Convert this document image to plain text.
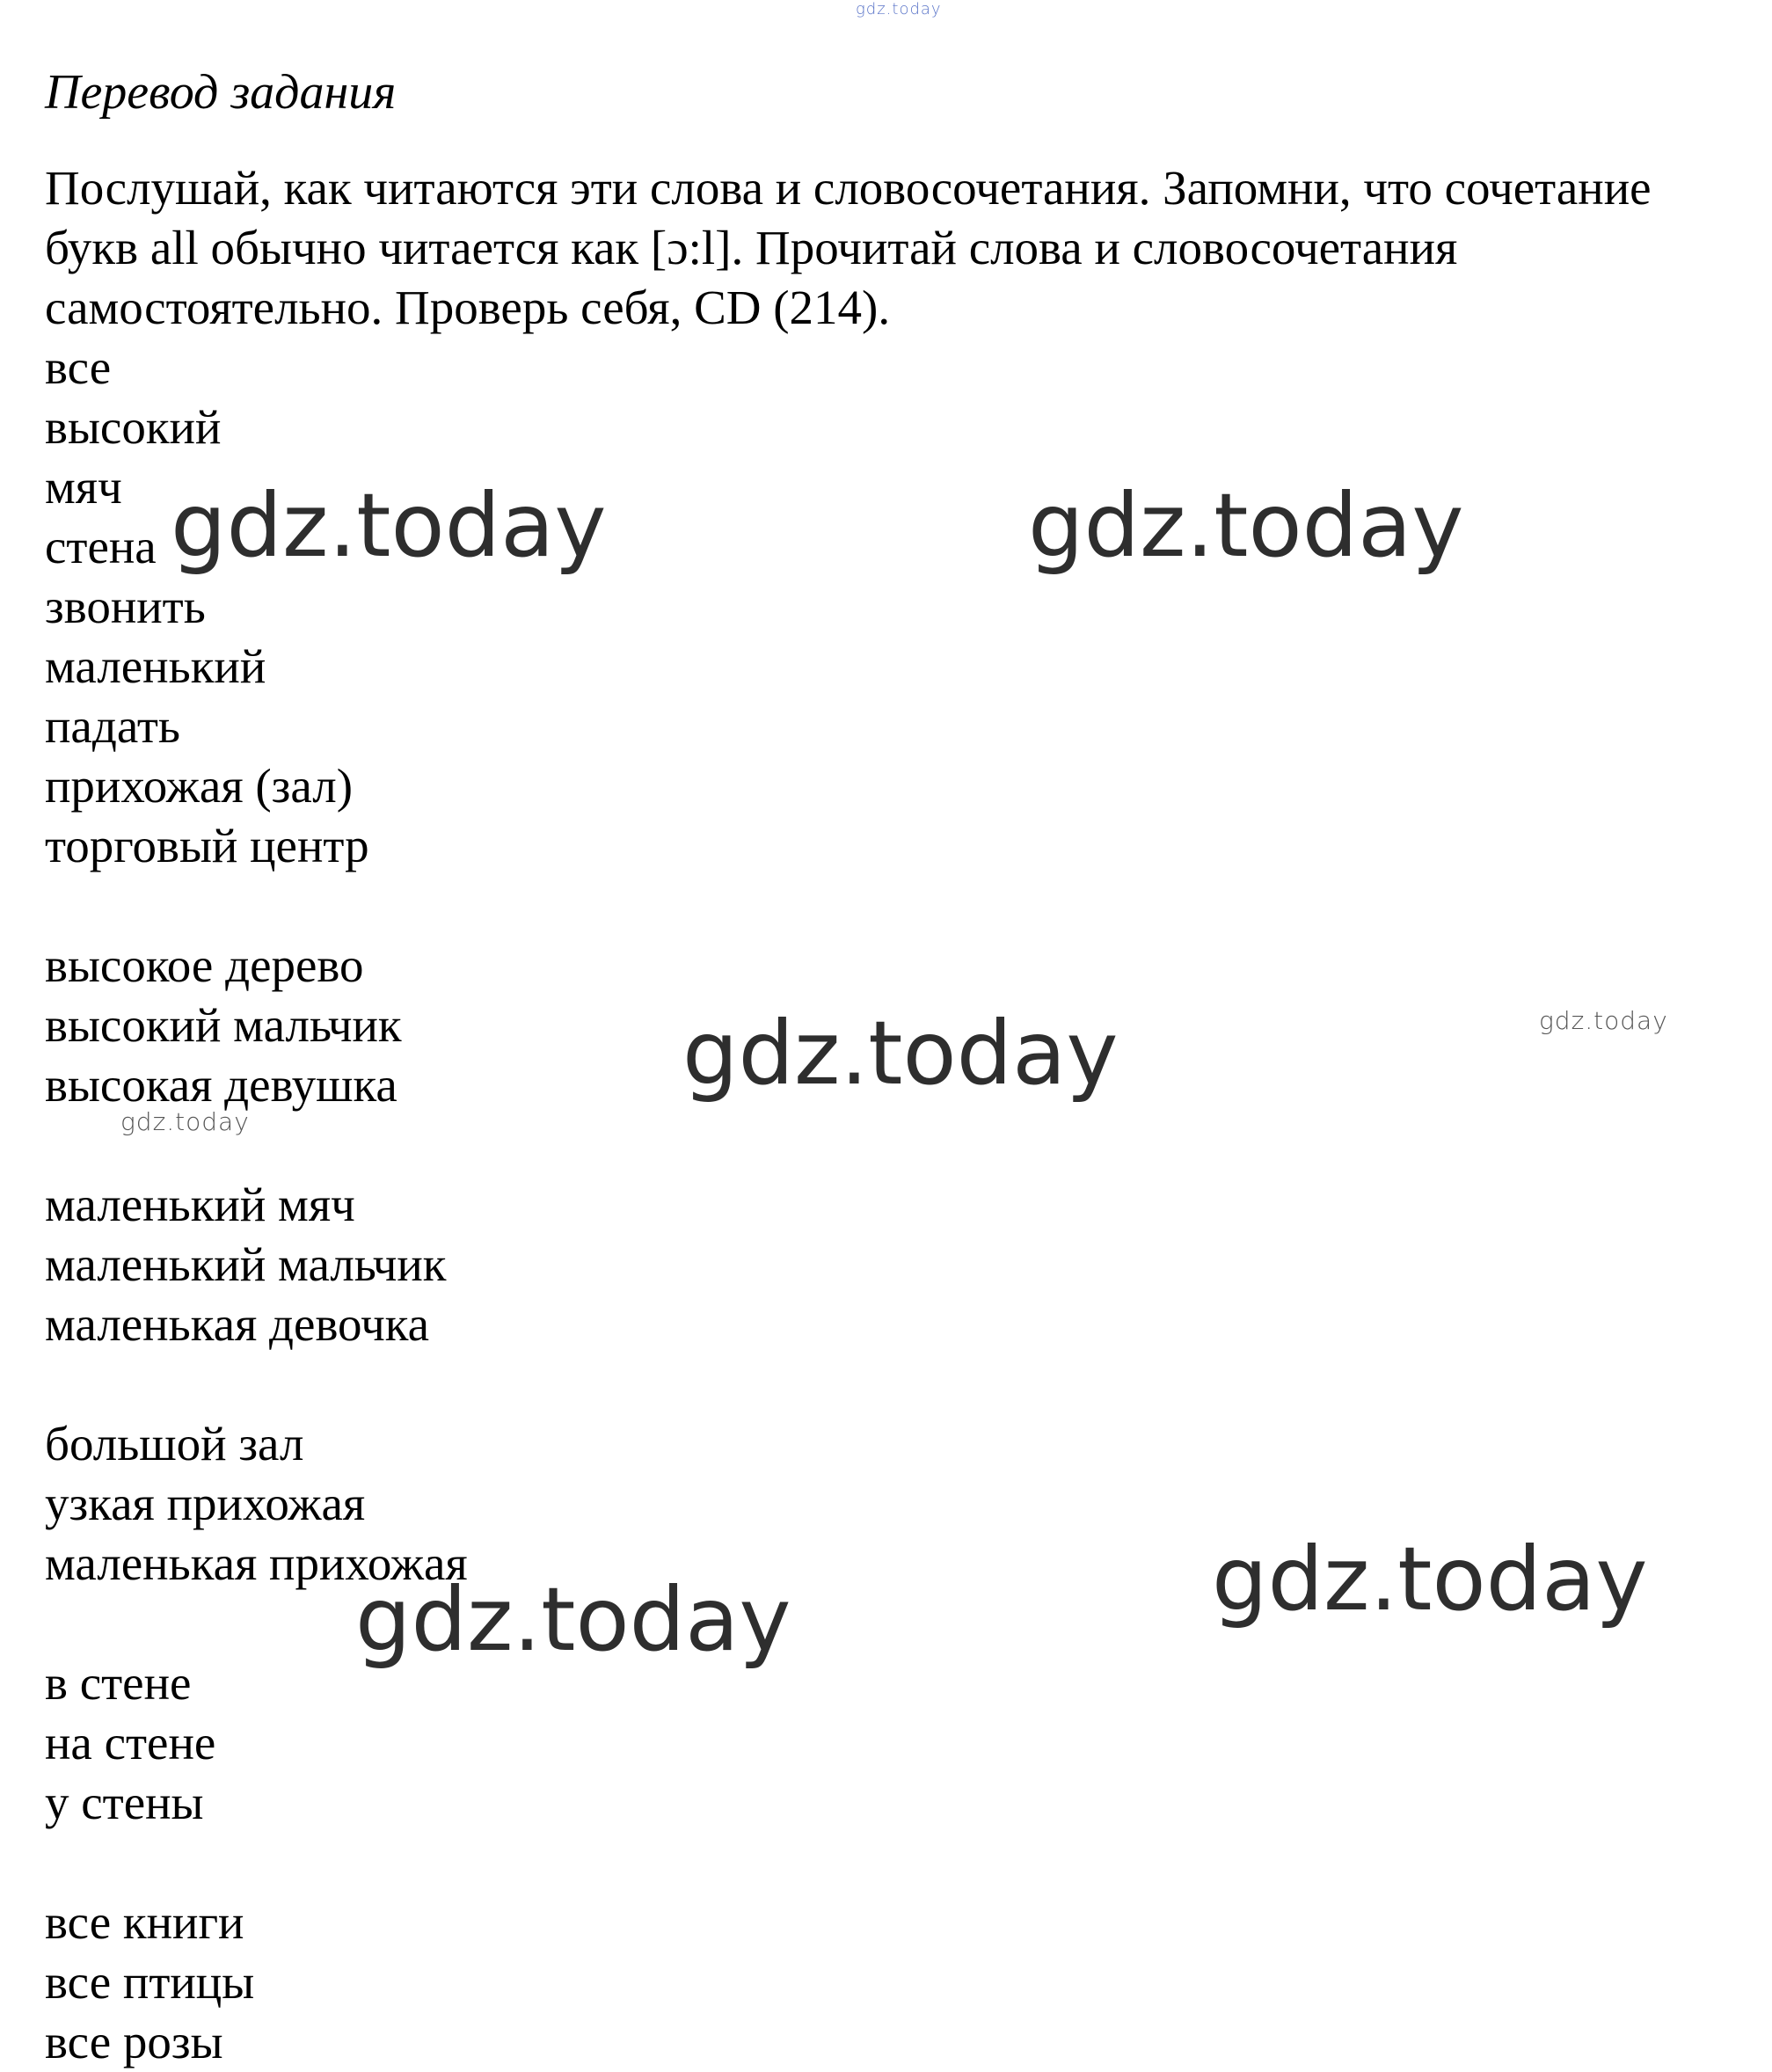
gdz.today
Перевод задания

Послушай, как читаются эти слова и словосочетания. Запомни, что сочетание

букв all обычно читается как [ɔ:l]. Прочитай слова и словосочетания

самостоятельно. Проверь себя, CD (214).

все
высокий
мяч
стена
звонить
маленький
падать
прихожая (зал)
торговый центр
высокое дерево
высокий мальчик
высокая девушка
маленький мяч
маленький мальчик
маленькая девочка
большой зал
узкая прихожая
маленькая прихожая
в стене
на стене
у стены
все книги
все птицы
все розы
gdz.today	gdz.today
gdz.today	gdz.today
gdz.today
gdz.today
gdz.today
